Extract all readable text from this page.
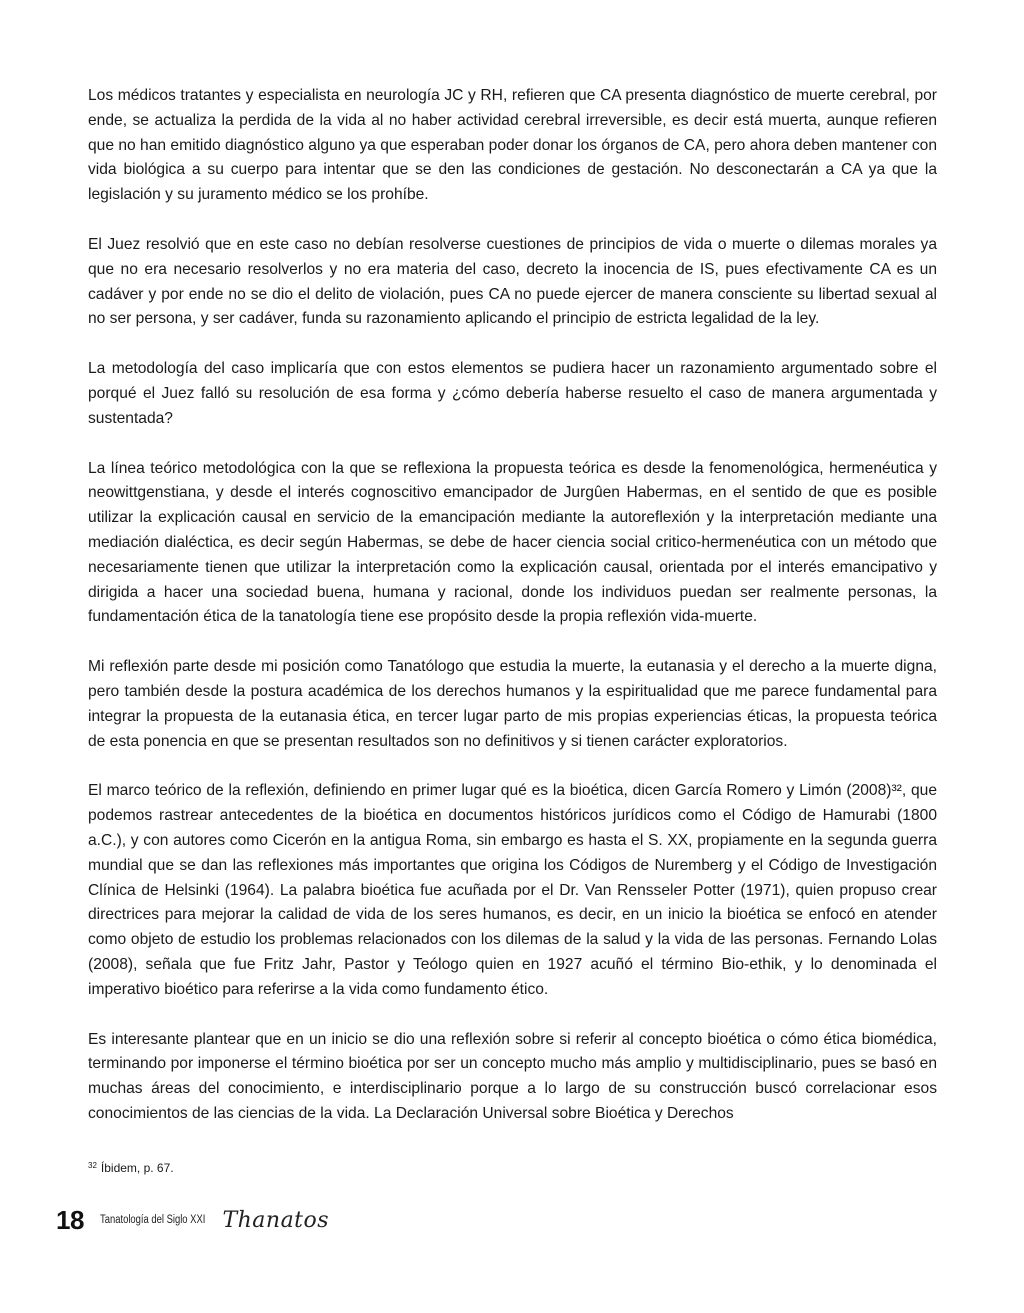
Los médicos tratantes y especialista en neurología JC y RH, refieren que CA presenta diagnóstico de muerte cerebral, por ende, se actualiza la perdida de la vida al no haber actividad cerebral irreversible, es decir está muerta, aunque refieren que no han emitido diagnóstico alguno ya que esperaban poder donar los órganos de CA, pero ahora deben mantener con vida biológica a su cuerpo para intentar que se den las condiciones de gestación. No desconectarán a CA ya que la legislación y su juramento médico se los prohíbe.

El Juez resolvió que en este caso no debían resolverse cuestiones de principios de vida o muerte o dilemas morales ya que no era necesario resolverlos y no era materia del caso, decreto la inocencia de IS, pues efectivamente CA es un cadáver y por ende no se dio el delito de violación, pues CA no puede ejercer de manera consciente su libertad sexual al no ser persona, y ser cadáver, funda su razonamiento aplicando el principio de estricta legalidad de la ley.

La metodología del caso implicaría que con estos elementos se pudiera hacer un razonamiento argumentado sobre el porqué el Juez falló su resolución de esa forma y ¿cómo debería haberse resuelto el caso de manera argumentada y sustentada?

La línea teórico metodológica con la que se reflexiona la propuesta teórica es desde la fenomenológica, hermenéutica y neowittgenstiana, y desde el interés cognoscitivo emancipador de Jurgûen Habermas, en el sentido de que es posible utilizar la explicación causal en servicio de la emancipación mediante la autoreflexión y la interpretación mediante una mediación dialéctica, es decir según Habermas, se debe de hacer ciencia social critico-hermenéutica con un método que necesariamente tienen que utilizar la interpretación como la explicación causal, orientada por el interés emancipativo y dirigida a hacer una sociedad buena, humana y racional, donde los individuos puedan ser realmente personas, la fundamentación ética de la tanatología tiene ese propósito desde la propia reflexión vida-muerte.

Mi reflexión parte desde mi posición como Tanatólogo que estudia la muerte, la eutanasia y el derecho a la muerte digna, pero también desde la postura académica de los derechos humanos y la espiritualidad que me parece fundamental para integrar la propuesta de la eutanasia ética, en tercer lugar parto de mis propias experiencias éticas, la propuesta teórica de esta ponencia en que se presentan resultados son no definitivos y si tienen carácter exploratorios.

El marco teórico de la reflexión, definiendo en primer lugar qué es la bioética, dicen García Romero y Limón (2008)³², que podemos rastrear antecedentes de la bioética en documentos históricos jurídicos como el Código de Hamurabi (1800 a.C.), y con autores como Cicerón en la antigua Roma, sin embargo es hasta el S. XX, propiamente en la segunda guerra mundial que se dan las reflexiones más importantes que origina los Códigos de Nuremberg y el Código de Investigación Clínica de Helsinki (1964). La palabra bioética fue acuñada por el Dr. Van Rensseler Potter (1971), quien propuso crear directrices para mejorar la calidad de vida de los seres humanos, es decir, en un inicio la bioética se enfocó en atender como objeto de estudio los problemas relacionados con los dilemas de la salud y la vida de las personas. Fernando Lolas (2008), señala que fue Fritz Jahr, Pastor y Teólogo quien en 1927 acuñó el término Bio-ethik, y lo denominada el imperativo bioético para referirse a la vida como fundamento ético.

Es interesante plantear que en un inicio se dio una reflexión sobre si referir al concepto bioética o cómo ética biomédica, terminando por imponerse el término bioética por ser un concepto mucho más amplio y multidisciplinario, pues se basó en muchas áreas del conocimiento, e interdisciplinario porque a lo largo de su construcción buscó correlacionar esos conocimientos de las ciencias de la vida. La Declaración Universal sobre Bioética y Derechos

$^{32}$ Íbidem, p. 67.
18 Tanatología del Siglo XXI Thanatos
